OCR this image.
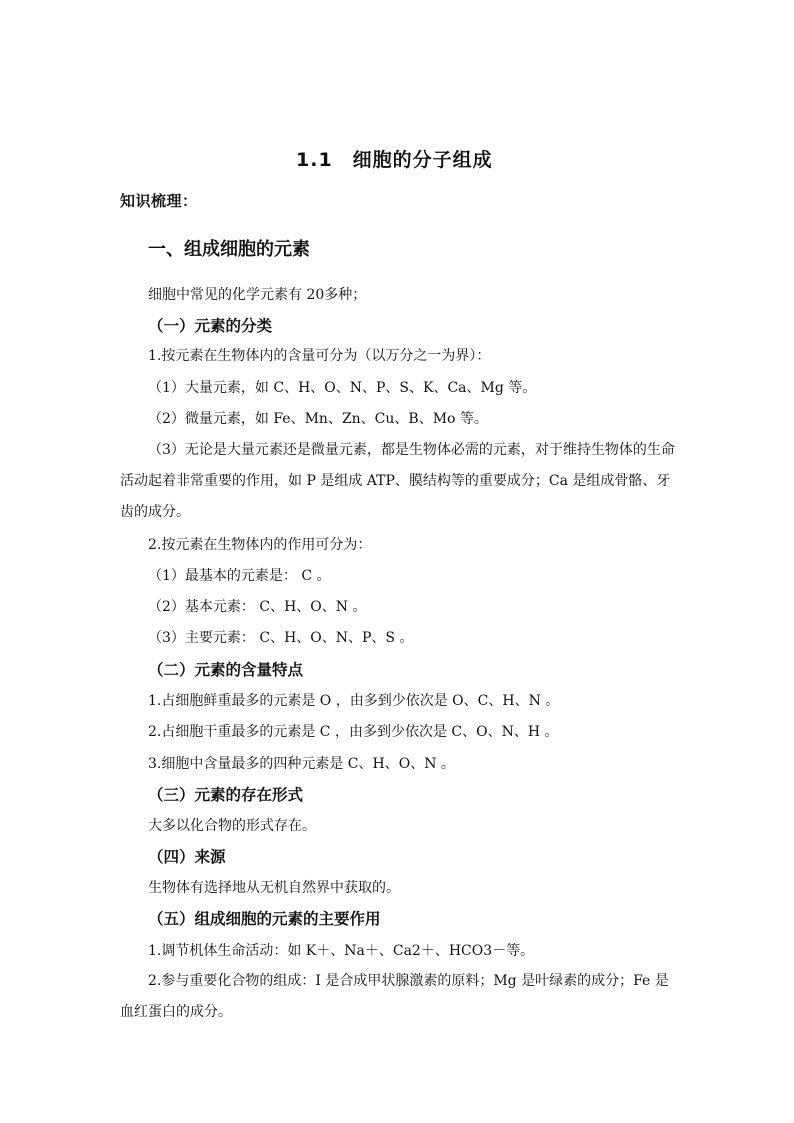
1.1　细胞的分子组成
知识梳理：
一、组成细胞的元素
细胞中常见的化学元素有 20多种；
（一）元素的分类
1.按元素在生物体内的含量可分为（以万分之一为界）：
（1）大量元素，如 C、H、O、N、P、S、K、Ca、Mg 等。
（2）微量元素，如 Fe、Mn、Zn、Cu、B、Mo 等。
（3）无论是大量元素还是微量元素，都是生物体必需的元素，对于维持生物体的生命活动起着非常重要的作用，如 P 是组成 ATP、膜结构等的重要成分；Ca 是组成骨骼、牙齿的成分。
2.按元素在生物体内的作用可分为：
（1）最基本的元素是： C 。
（2）基本元素： C、H、O、N 。
（3）主要元素： C、H、O、N、P、S 。
（二）元素的含量特点
1.占细胞鲜重最多的元素是 O ，由多到少依次是 O、C、H、N 。
2.占细胞干重最多的元素是 C ，由多到少依次是 C、O、N、H 。
3.细胞中含量最多的四种元素是 C、H、O、N 。
（三）元素的存在形式
大多以化合物的形式存在。
（四）来源
生物体有选择地从无机自然界中获取的。
（五）组成细胞的元素的主要作用
1.调节机体生命活动：如 K＋、Na＋、Ca2＋、HCO3－等。
2.参与重要化合物的组成：I 是合成甲状腺激素的原料；Mg 是叶绿素的成分；Fe 是血红蛋白的成分。
